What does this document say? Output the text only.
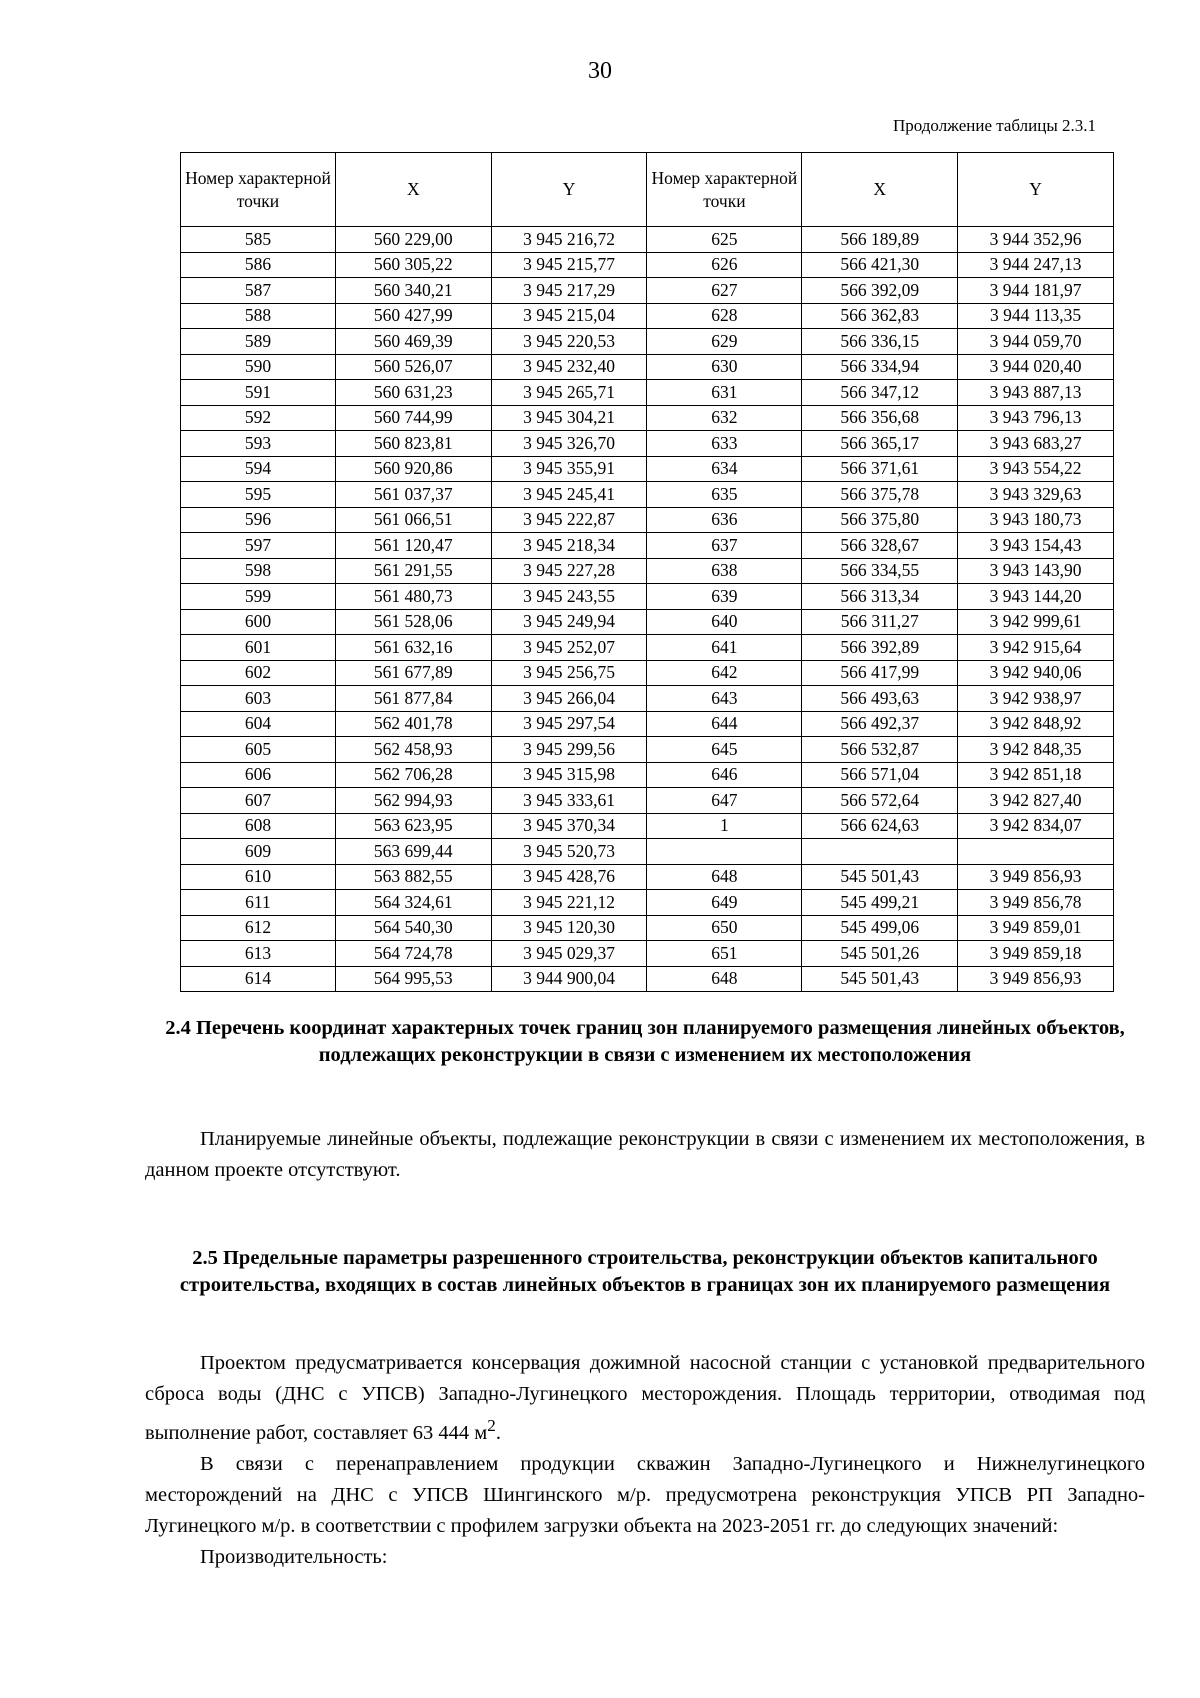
30
Продолжение таблицы 2.3.1
Номер характерной точки	X	Y	Номер характерной точки	X	Y
585	560 229,00	3 945 216,72	625	566 189,89	3 944 352,96
586	560 305,22	3 945 215,77	626	566 421,30	3 944 247,13
587	560 340,21	3 945 217,29	627	566 392,09	3 944 181,97
588	560 427,99	3 945 215,04	628	566 362,83	3 944 113,35
589	560 469,39	3 945 220,53	629	566 336,15	3 944 059,70
590	560 526,07	3 945 232,40	630	566 334,94	3 944 020,40
591	560 631,23	3 945 265,71	631	566 347,12	3 943 887,13
592	560 744,99	3 945 304,21	632	566 356,68	3 943 796,13
593	560 823,81	3 945 326,70	633	566 365,17	3 943 683,27
594	560 920,86	3 945 355,91	634	566 371,61	3 943 554,22
595	561 037,37	3 945 245,41	635	566 375,78	3 943 329,63
596	561 066,51	3 945 222,87	636	566 375,80	3 943 180,73
597	561 120,47	3 945 218,34	637	566 328,67	3 943 154,43
598	561 291,55	3 945 227,28	638	566 334,55	3 943 143,90
599	561 480,73	3 945 243,55	639	566 313,34	3 943 144,20
600	561 528,06	3 945 249,94	640	566 311,27	3 942 999,61
601	561 632,16	3 945 252,07	641	566 392,89	3 942 915,64
602	561 677,89	3 945 256,75	642	566 417,99	3 942 940,06
603	561 877,84	3 945 266,04	643	566 493,63	3 942 938,97
604	562 401,78	3 945 297,54	644	566 492,37	3 942 848,92
605	562 458,93	3 945 299,56	645	566 532,87	3 942 848,35
606	562 706,28	3 945 315,98	646	566 571,04	3 942 851,18
607	562 994,93	3 945 333,61	647	566 572,64	3 942 827,40
608	563 623,95	3 945 370,34	1	566 624,63	3 942 834,07
609	563 699,44	3 945 520,73			
610	563 882,55	3 945 428,76	648	545 501,43	3 949 856,93
611	564 324,61	3 945 221,12	649	545 499,21	3 949 856,78
612	564 540,30	3 945 120,30	650	545 499,06	3 949 859,01
613	564 724,78	3 945 029,37	651	545 501,26	3 949 859,18
614	564 995,53	3 944 900,04	648	545 501,43	3 949 856,93
2.4 Перечень координат характерных точек границ зон планируемого размещения линейных объектов, подлежащих реконструкции в связи с изменением их местоположения

Планируемые линейные объекты, подлежащие реконструкции в связи с изменением их местоположения, в данном проекте отсутствуют.

2.5 Предельные параметры разрешенного строительства, реконструкции объектов капитального строительства, входящих в состав линейных объектов в границах зон их планируемого размещения

Проектом предусматривается консервация дожимной насосной станции с установкой предварительного сброса воды (ДНС с УПСВ) Западно-Лугинецкого месторождения. Площадь территории, отводимая под выполнение работ, составляет 63 444 $м^2$.

В связи с перенаправлением продукции скважин Западно-Лугинецкого и Нижнелугинецкого месторождений на ДНС с УПСВ Шингинского м/р. предусмотрена реконструкция УПСВ РП Западно-Лугинецкого м/р. в соответствии с профилем загрузки объекта на 2023-2051 гг. до следующих значений:

Производительность:
